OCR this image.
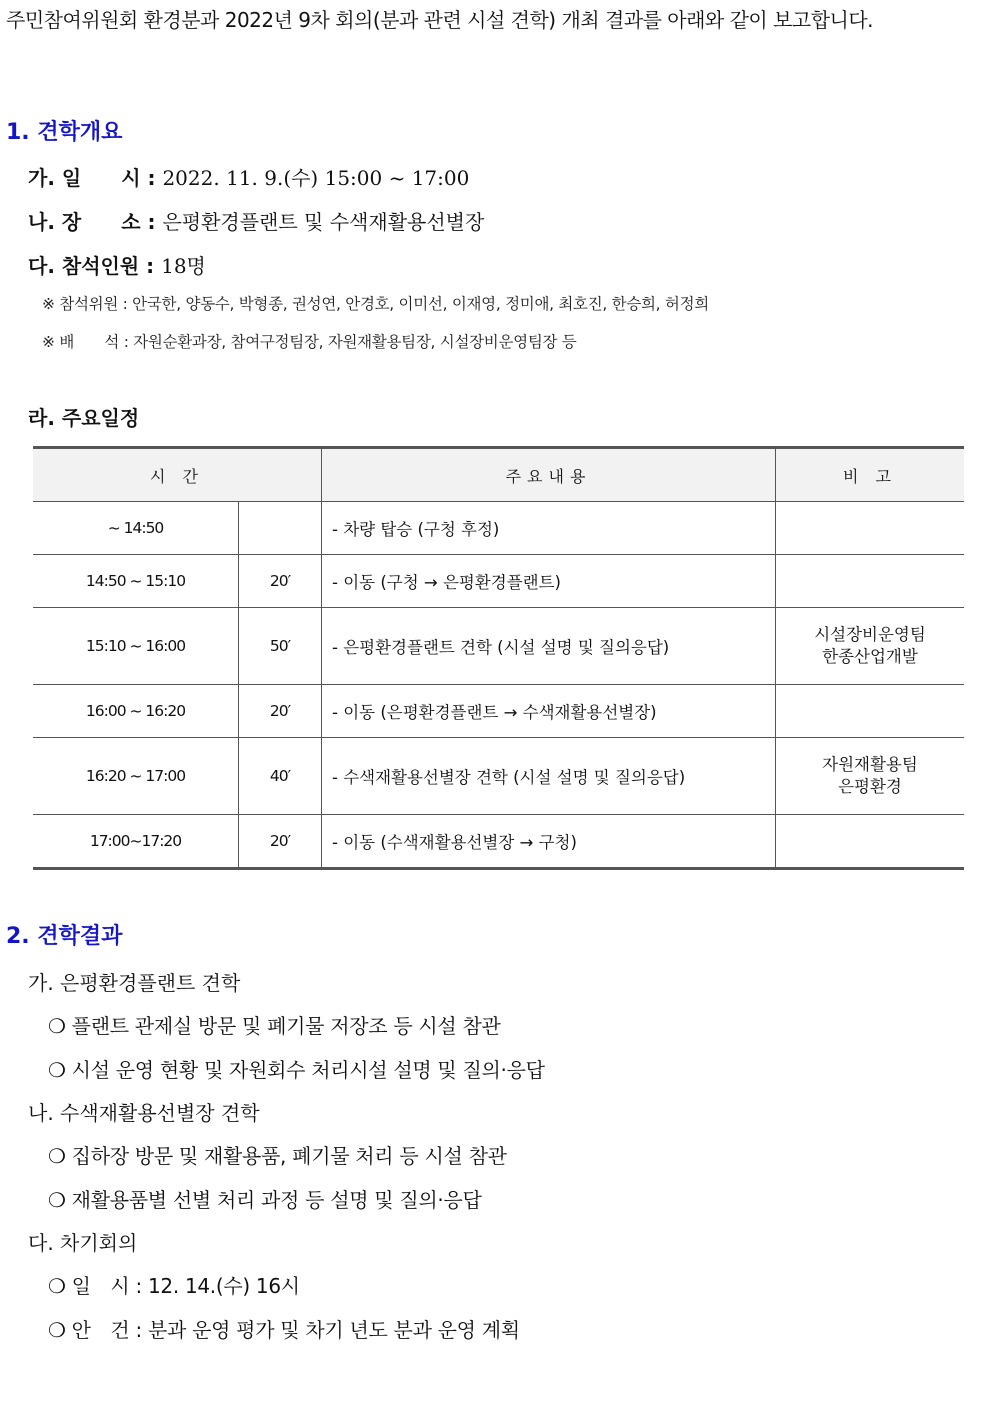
주민참여위원회 환경분과 2022년 9차 회의(분과 관련 시설 견학) 개최 결과를 아래와 같이 보고합니다.
1. 견학개요
가. 일　　시 : 2022. 11. 9.(수) 15:00 ~ 17:00
나. 장　　소 : 은평환경플랜트 및 수색재활용선별장
다. 참석인원 : 18명
※ 참석위원 : 안국한, 양동수, 박형종, 권성연, 안경호, 이미선, 이재영, 정미애, 최호진, 한승희, 허정희
※ 배　　석 : 자원순환과장, 참여구정팀장, 자원재활용팀장, 시설장비운영팀장 등
라. 주요일정
시 간		주요내용	비 고
~ 14:50		- 차량 탑승 (구청 후정)	
14:50 ~ 15:10	20′	- 이동 (구청 → 은평환경플랜트)	
15:10 ~ 16:00	50′	- 은평환경플랜트 견학 (시설 설명 및 질의응답)	시설장비운영팀
한종산업개발

16:00 ~ 16:20	20′	- 이동 (은평환경플랜트 → 수색재활용선별장)	
16:20 ~ 17:00	40′	- 수색재활용선별장 견학 (시설 설명 및 질의응답)	자원재활용팀
은평환경

17:00~17:20	20′	- 이동 (수색재활용선별장 → 구청)	
2. 견학결과
가. 은평환경플랜트 견학
❍ 플랜트 관제실 방문 및 폐기물 저장조 등 시설 참관
❍ 시설 운영 현황 및 자원회수 처리시설 설명 및 질의·응답
나. 수색재활용선별장 견학
❍ 집하장 방문 및 재활용품, 폐기물 처리 등 시설 참관
❍ 재활용품별 선별 처리 과정 등 설명 및 질의·응답
다. 차기회의
❍ 일　시 : 12. 14.(수) 16시
❍ 안　건 : 분과 운영 평가 및 차기 년도 분과 운영 계획
